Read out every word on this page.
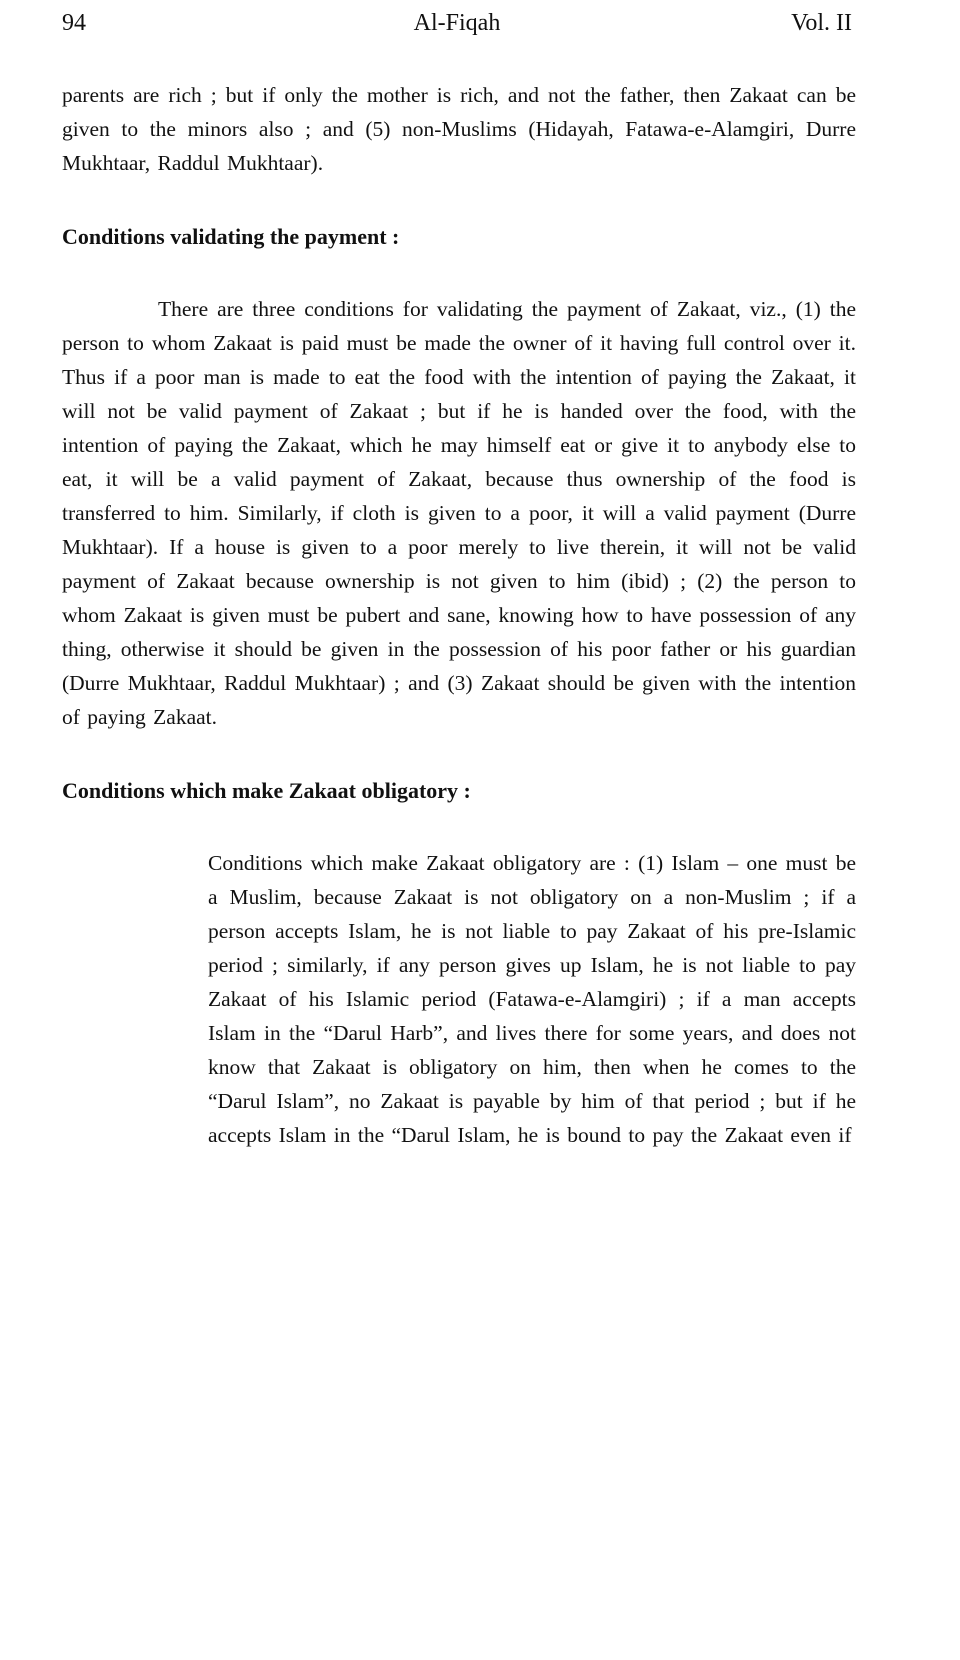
94	Al-Fiqah	Vol. II

parents are rich ; but if only the mother is rich, and not the father, then Zakaat can be given to the minors also ; and (5) non-Muslims (Hidayah, Fatawa-e-Alamgiri, Durre Mukhtaar, Raddul Mukhtaar).

Conditions validating the payment :

There are three conditions for validating the payment of Zakaat, viz., (1) the person to whom Zakaat is paid must be made the owner of it having full control over it. Thus if a poor man is made to eat the food with the intention of paying the Zakaat, it will not be valid payment of Zakaat ; but if he is handed over the food, with the intention of paying the Zakaat, which he may himself eat or give it to anybody else to eat, it will be a valid payment of Zakaat, because thus ownership of the food is transferred to him. Similarly, if cloth is given to a poor, it will a valid payment (Durre Mukhtaar). If a house is given to a poor merely to live therein, it will not be valid payment of Zakaat because ownership is not given to him (ibid) ; (2) the person to whom Zakaat is given must be pubert and sane, knowing how to have possession of any thing, otherwise it should be given in the possession of his poor father or his guardian (Durre Mukhtaar, Raddul Mukhtaar) ; and (3) Zakaat should be given with the intention of paying Zakaat.

Conditions which make Zakaat obligatory :

Conditions which make Zakaat obligatory are : (1) Islam – one must be a Muslim, because Zakaat is not obligatory on a non-Muslim ; if a person accepts Islam, he is not liable to pay Zakaat of his pre-Islamic period ; similarly, if any person gives up Islam, he is not liable to pay Zakaat of his Islamic period (Fatawa-e-Alamgiri) ; if a man accepts Islam in the “Darul Harb”, and lives there for some years, and does not know that Zakaat is obligatory on him, then when he comes to the “Darul Islam”, no Zakaat is payable by him of that period ; but if he accepts Islam in the “Darul Islam, he is bound to pay the Zakaat even if
